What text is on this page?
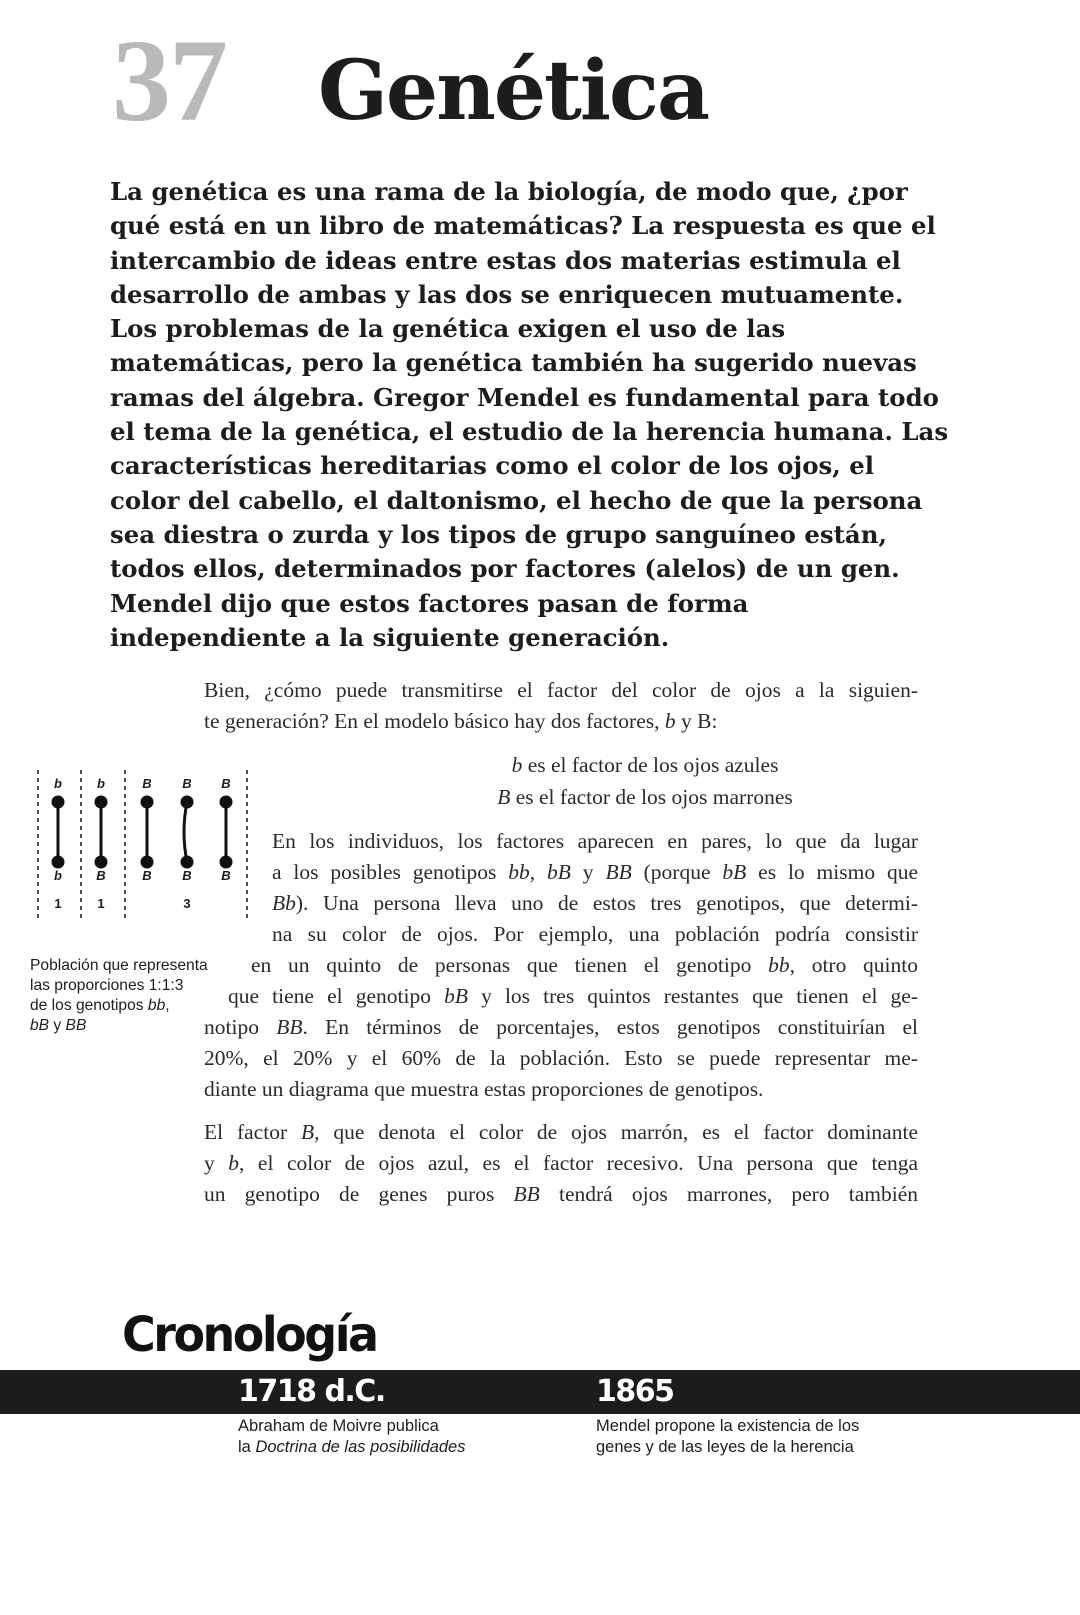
37 Genética

La genética es una rama de la biología, de modo que, ¿por
qué está en un libro de matemáticas? La respuesta es que el
intercambio de ideas entre estas dos materias estimula el
desarrollo de ambas y las dos se enriquecen mutuamente.
Los problemas de la genética exigen el uso de las
matemáticas, pero la genética también ha sugerido nuevas
ramas del álgebra. Gregor Mendel es fundamental para todo
el tema de la genética, el estudio de la herencia humana. Las
características hereditarias como el color de los ojos, el
color del cabello, el daltonismo, el hecho de que la persona
sea diestra o zurda y los tipos de grupo sanguíneo están,
todos ellos, determinados por factores (alelos) de un gen.
Mendel dijo que estos factores pasan de forma
independiente a la siguiente generación.

Bien, ¿cómo puede transmitirse el factor del color de ojos a la siguien-
te generación? En el modelo básico hay dos factores, b y B:
b es el factor de los ojos azules
B es el factor de los ojos marrones
En los individuos, los factores aparecen en pares, lo que da lugar
a los posibles genotipos bb, bB y BB (porque bB es lo mismo que
Bb). Una persona lleva uno de estos tres genotipos, que determi-
na su color de ojos. Por ejemplo, una población podría consistir
en un quinto de personas que tienen el genotipo bb, otro quinto
que tiene el genotipo bB y los tres quintos restantes que tienen el ge-
notipo BB. En términos de porcentajes, estos genotipos constituirían el
20%, el 20% y el 60% de la población. Esto se puede representar me-
diante un diagrama que muestra estas proporciones de genotipos.
El factor B, que denota el color de ojos marrón, es el factor dominante
y b, el color de ojos azul, es el factor recesivo. Una persona que tenga
un genotipo de genes puros BB tendrá ojos marrones, pero también
b	b	B B B
b	B	B B B
1	1	3
Población que representa
las proporciones 1:1:3
de los genotipos bb,
bB y BB
Cronología
1718 d.C.	1865
Abraham de Moivre publica
la Doctrina de las posibilidades
Mendel propone la existencia de los
genes y de las leyes de la herencia
